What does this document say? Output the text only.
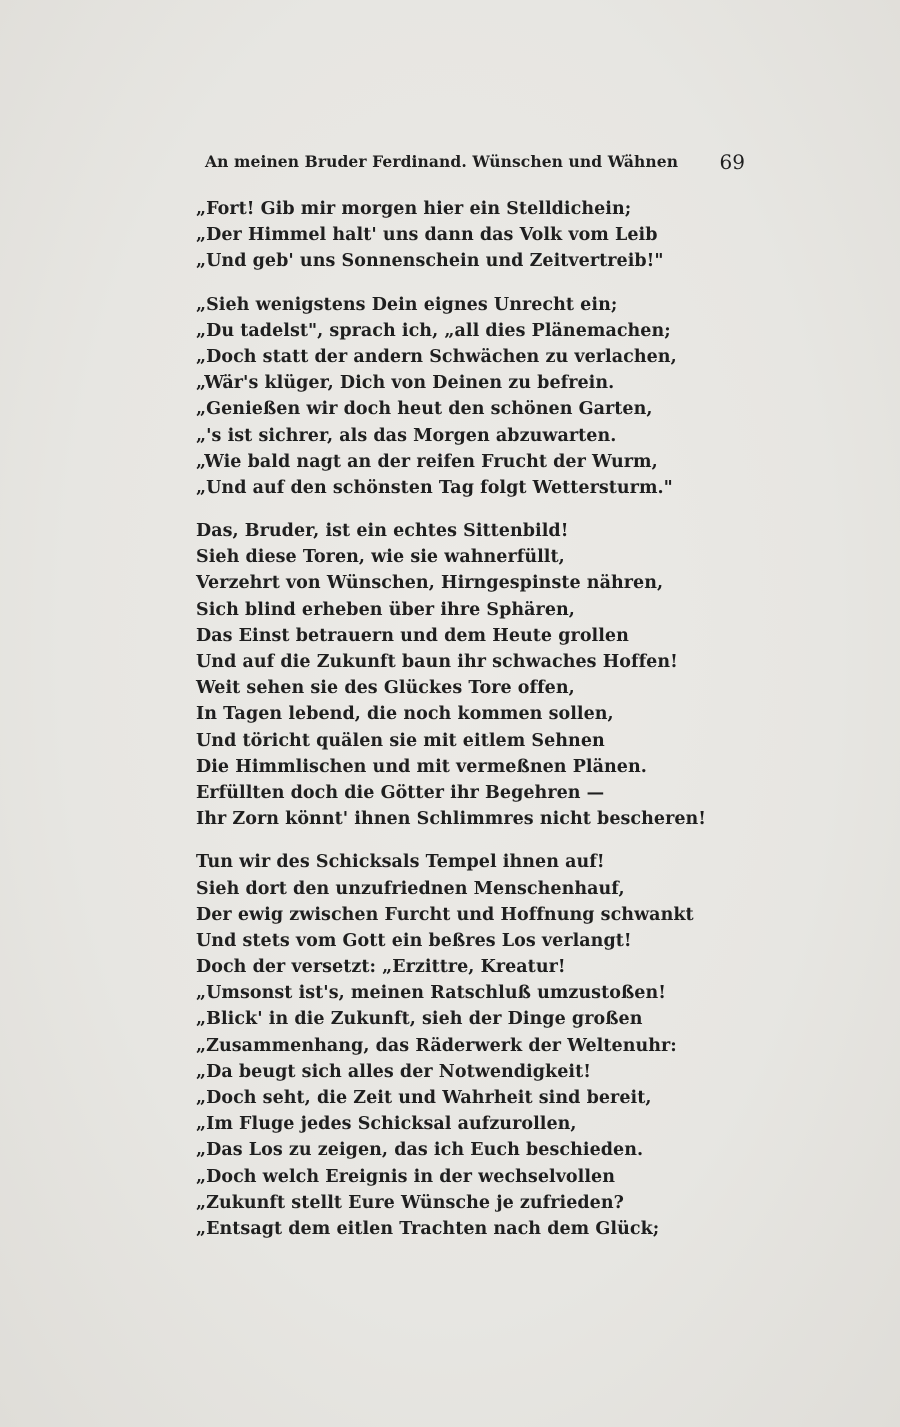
An meinen Bruder Ferdinand. Wünschen und Wähnen 69
„Fort! Gib mir morgen hier ein Stelldichein;
„Der Himmel halt' uns dann das Volk vom Leib
„Und geb' uns Sonnenschein und Zeitvertreib!"
„Sieh wenigstens Dein eignes Unrecht ein;
„Du tadelst", sprach ich, „all dies Plänemachen;
„Doch statt der andern Schwächen zu verlachen,
„Wär's klüger, Dich von Deinen zu befrein.
„Genießen wir doch heut den schönen Garten,
„'s ist sichrer, als das Morgen abzuwarten.
„Wie bald nagt an der reifen Frucht der Wurm,
„Und auf den schönsten Tag folgt Wettersturm."
Das, Bruder, ist ein echtes Sittenbild!
Sieh diese Toren, wie sie wahnerfüllt,
Verzehrt von Wünschen, Hirngespinste nähren,
Sich blind erheben über ihre Sphären,
Das Einst betrauern und dem Heute grollen
Und auf die Zukunft baun ihr schwaches Hoffen!
Weit sehen sie des Glückes Tore offen,
In Tagen lebend, die noch kommen sollen,
Und töricht quälen sie mit eitlem Sehnen
Die Himmlischen und mit vermeßnen Plänen.
Erfüllten doch die Götter ihr Begehren —
Ihr Zorn könnt' ihnen Schlimmres nicht bescheren!
Tun wir des Schicksals Tempel ihnen auf!
Sieh dort den unzufriednen Menschenhauf,
Der ewig zwischen Furcht und Hoffnung schwankt
Und stets vom Gott ein beßres Los verlangt!
Doch der versetzt: „Erzittre, Kreatur!
„Umsonst ist's, meinen Ratschluß umzustoßen!
„Blick' in die Zukunft, sieh der Dinge großen
„Zusammenhang, das Räderwerk der Weltenuhr:
„Da beugt sich alles der Notwendigkeit!
„Doch seht, die Zeit und Wahrheit sind bereit,
„Im Fluge jedes Schicksal aufzurollen,
„Das Los zu zeigen, das ich Euch beschieden.
„Doch welch Ereignis in der wechselvollen
„Zukunft stellt Eure Wünsche je zufrieden?
„Entsagt dem eitlen Trachten nach dem Glück;
